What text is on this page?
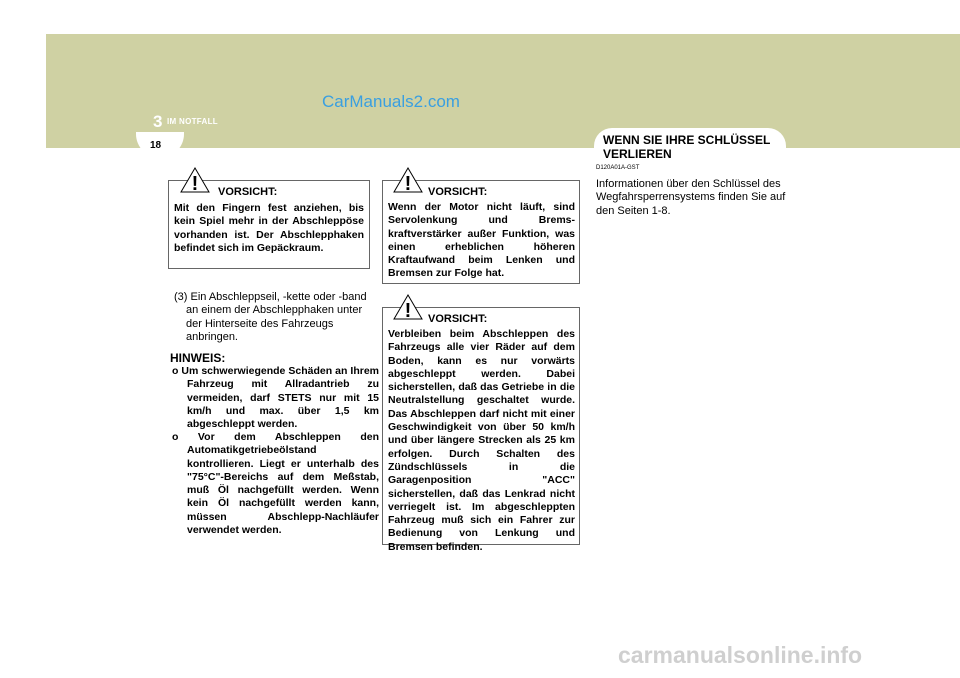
CarManuals2.com
3 IM NOTFALL
18	WENN SIE IHRE SCHLÜSSEL VERLIEREN
D120A01A-GST
Informationen über den Schlüssel des Wegfahrsperrensystems finden Sie auf den Seiten 1-8.
Mit den Fingern fest anziehen, bis kein Spiel mehr in der Abschleppöse vorhanden ist. Der Abschlepphaken befindet sich im Gepäckraum.
! VORSICHT:
(3) Ein Abschleppseil, -kette oder -band an einem der Abschlepphaken unter der Hinterseite des Fahrzeugs anbringen.
HINWEIS:
o Um schwerwiegende Schäden an Ihrem Fahrzeug mit Allradantrieb zu vermeiden, darf STETS nur mit 15 km/h und max. über 1,5 km abgeschleppt werden.
o Vor dem Abschleppen den Automatikgetriebeölstand kontrollieren. Liegt er unterhalb des "75°C"-Bereichs auf dem Meßstab, muß Öl nachgefüllt werden. Wenn kein Öl nachgefüllt werden kann, müssen Abschlepp-Nachläufer verwendet werden.
Wenn der Motor nicht läuft, sind Servolenkung und Brems-kraftverstärker außer Funktion, was einen erheblichen höheren Kraftaufwand beim Lenken und Bremsen zur Folge hat.
! VORSICHT:
Verbleiben beim Abschleppen des Fahrzeugs alle vier Räder auf dem Boden, kann es nur vorwärts abgeschleppt werden. Dabei sicherstellen, daß das Getriebe in die Neutralstellung geschaltet wurde. Das Abschleppen darf nicht mit einer Geschwindigkeit von über 50 km/h und über längere Strecken als 25 km erfolgen. Durch Schalten des Zündschlüssels in die Garagenposition "ACC" sicherstellen, daß das Lenkrad nicht verriegelt ist. Im abgeschleppten Fahrzeug muß sich ein Fahrer zur Bedienung von Lenkung und Bremsen befinden.
! VORSICHT:
carmanualsonline.info
